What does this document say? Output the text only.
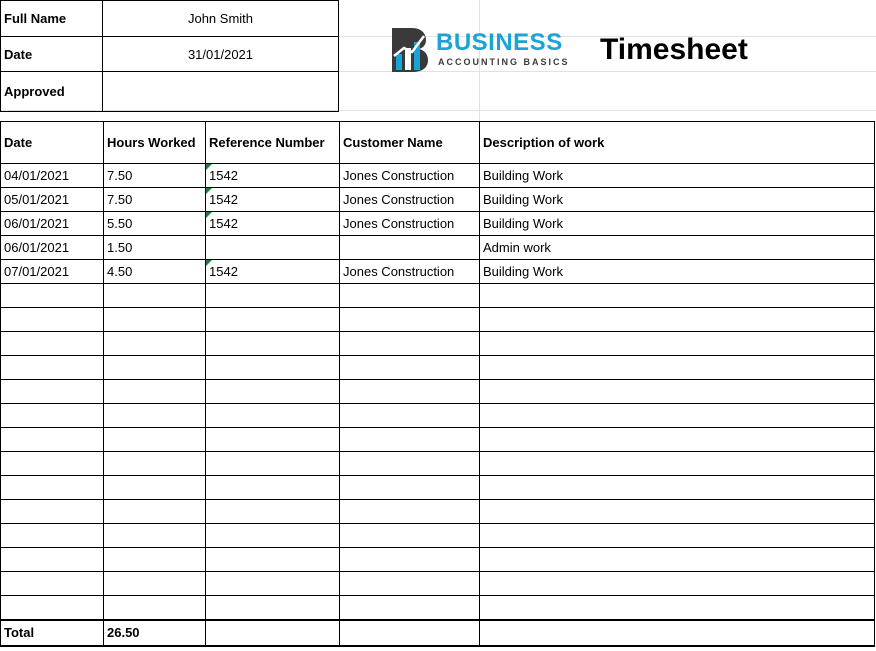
Full Name	John Smith
Date	31/01/2021
Approved	
BUSINESS
ACCOUNTING BASICS Timesheet
Date	Hours Worked	Reference Number	Customer Name	Description of work
04/01/2021	7.50	1542	Jones Construction	Building Work
05/01/2021	7.50	1542	Jones Construction	Building Work
06/01/2021	5.50	1542	Jones Construction	Building Work
06/01/2021	1.50			Admin work
07/01/2021	4.50	1542	Jones Construction	Building Work

Total	26.50			
